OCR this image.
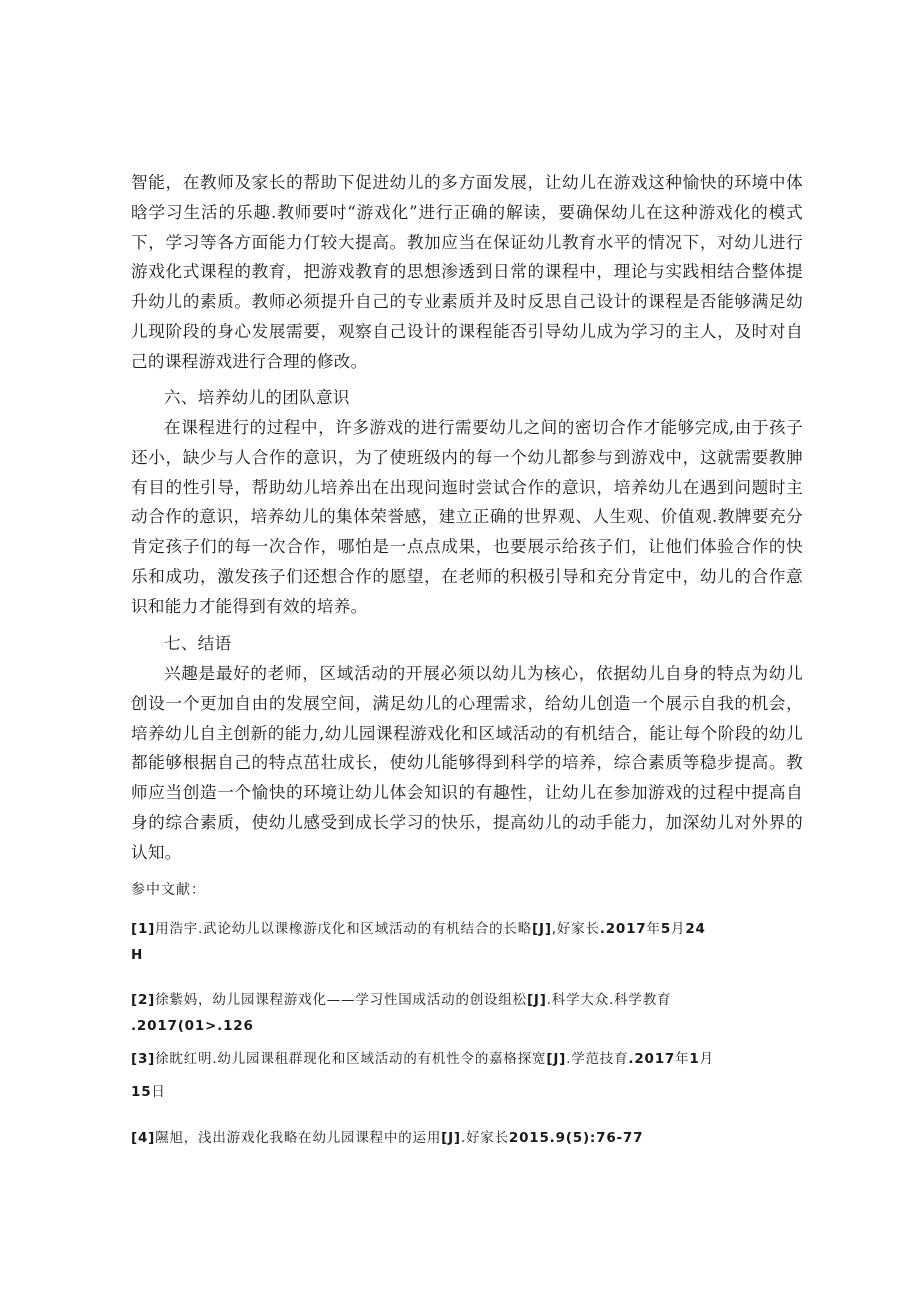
智能，在教师及家长的帮助下促进幼儿的多方面发展，让幼儿在游戏这种愉快的环境中体晗学习生活的乐趣.教师要吋“游戏化”进行正确的解读，要确保幼儿在这种游戏化的模式下，学习等各方面能力仃较大提高。教加应当在保证幼儿教育水平的情况下，对幼儿进行游戏化式课程的教育，把游戏教育的思想渗透到日常的课程中，理论与实践相结合整体提升幼儿的素质。教师必须提升自己的专业素质并及时反思自己设计的课程是否能够满足幼儿现阶段的身心发展需要，观察自己设计的课程能否引导幼儿成为学习的主人，及时对自己的课程游戏进行合理的修改。

六、培养幼儿的团队意识

在课程进行的过程中，许多游戏的进行需要幼儿之间的密切合作才能够完成,由于孩子还小，缺少与人合作的意识，为了使班级内的每一个幼儿都参与到游戏中，这就需要教胂有目的性引导，帮助幼儿培养出在出现问迤时尝试合作的意识，培养幼儿在遇到问题时主动合作的意识，培养幼儿的集体荣誉感，建立正确的世界观、人生观、价值观.教牌要充分肯定孩子们的每一次合作，哪怕是一点点成果，也要展示给孩子们，让他们体验合作的快乐和成功，激发孩子们还想合作的愿望，在老师的积极引导和充分肯定中，幼儿的合作意识和能力才能得到有效的培养。

七、结语

兴趣是最好的老师，区域活动的开展必须以幼儿为核心，依据幼儿自身的特点为幼儿创设一个更加自由的发展空间，满足幼儿的心理需求，给幼儿创造一个展示自我的机会，培养幼儿自主创新的能力,幼儿园课程游戏化和区域活动的有机结合，能让每个阶段的幼儿都能够根据自己的特点茁壮成长，使幼儿能够得到科学的培养，综合素质等稳步提高。教师应当创造一个愉快的环境让幼儿体会知识的有趣性，让幼儿在参加游戏的过程中提高自身的综合素质，使幼儿感受到成长学习的快乐，提高幼儿的动手能力，加深幼儿对外界的认知。

参中文献：

[1]用浩宇.武论幼儿以课橡游戊化和区域活动的有机结合的长略[J],好家长.2017年5月24

H

[2]徐紫妈，幼儿园课程游戏化——学习性国成活动的创设组松[J].科学大众.科学教育

.2017(01>.126

[3]徐眈红明.幼儿园课租群现化和区域活动的有机性令的嘉格探宽[J].学范技育.2017年1月

15日

[4]隰旭，浅出游戏化我略在幼儿园课程中的运用[J].好家长2015.9(5):76-77
